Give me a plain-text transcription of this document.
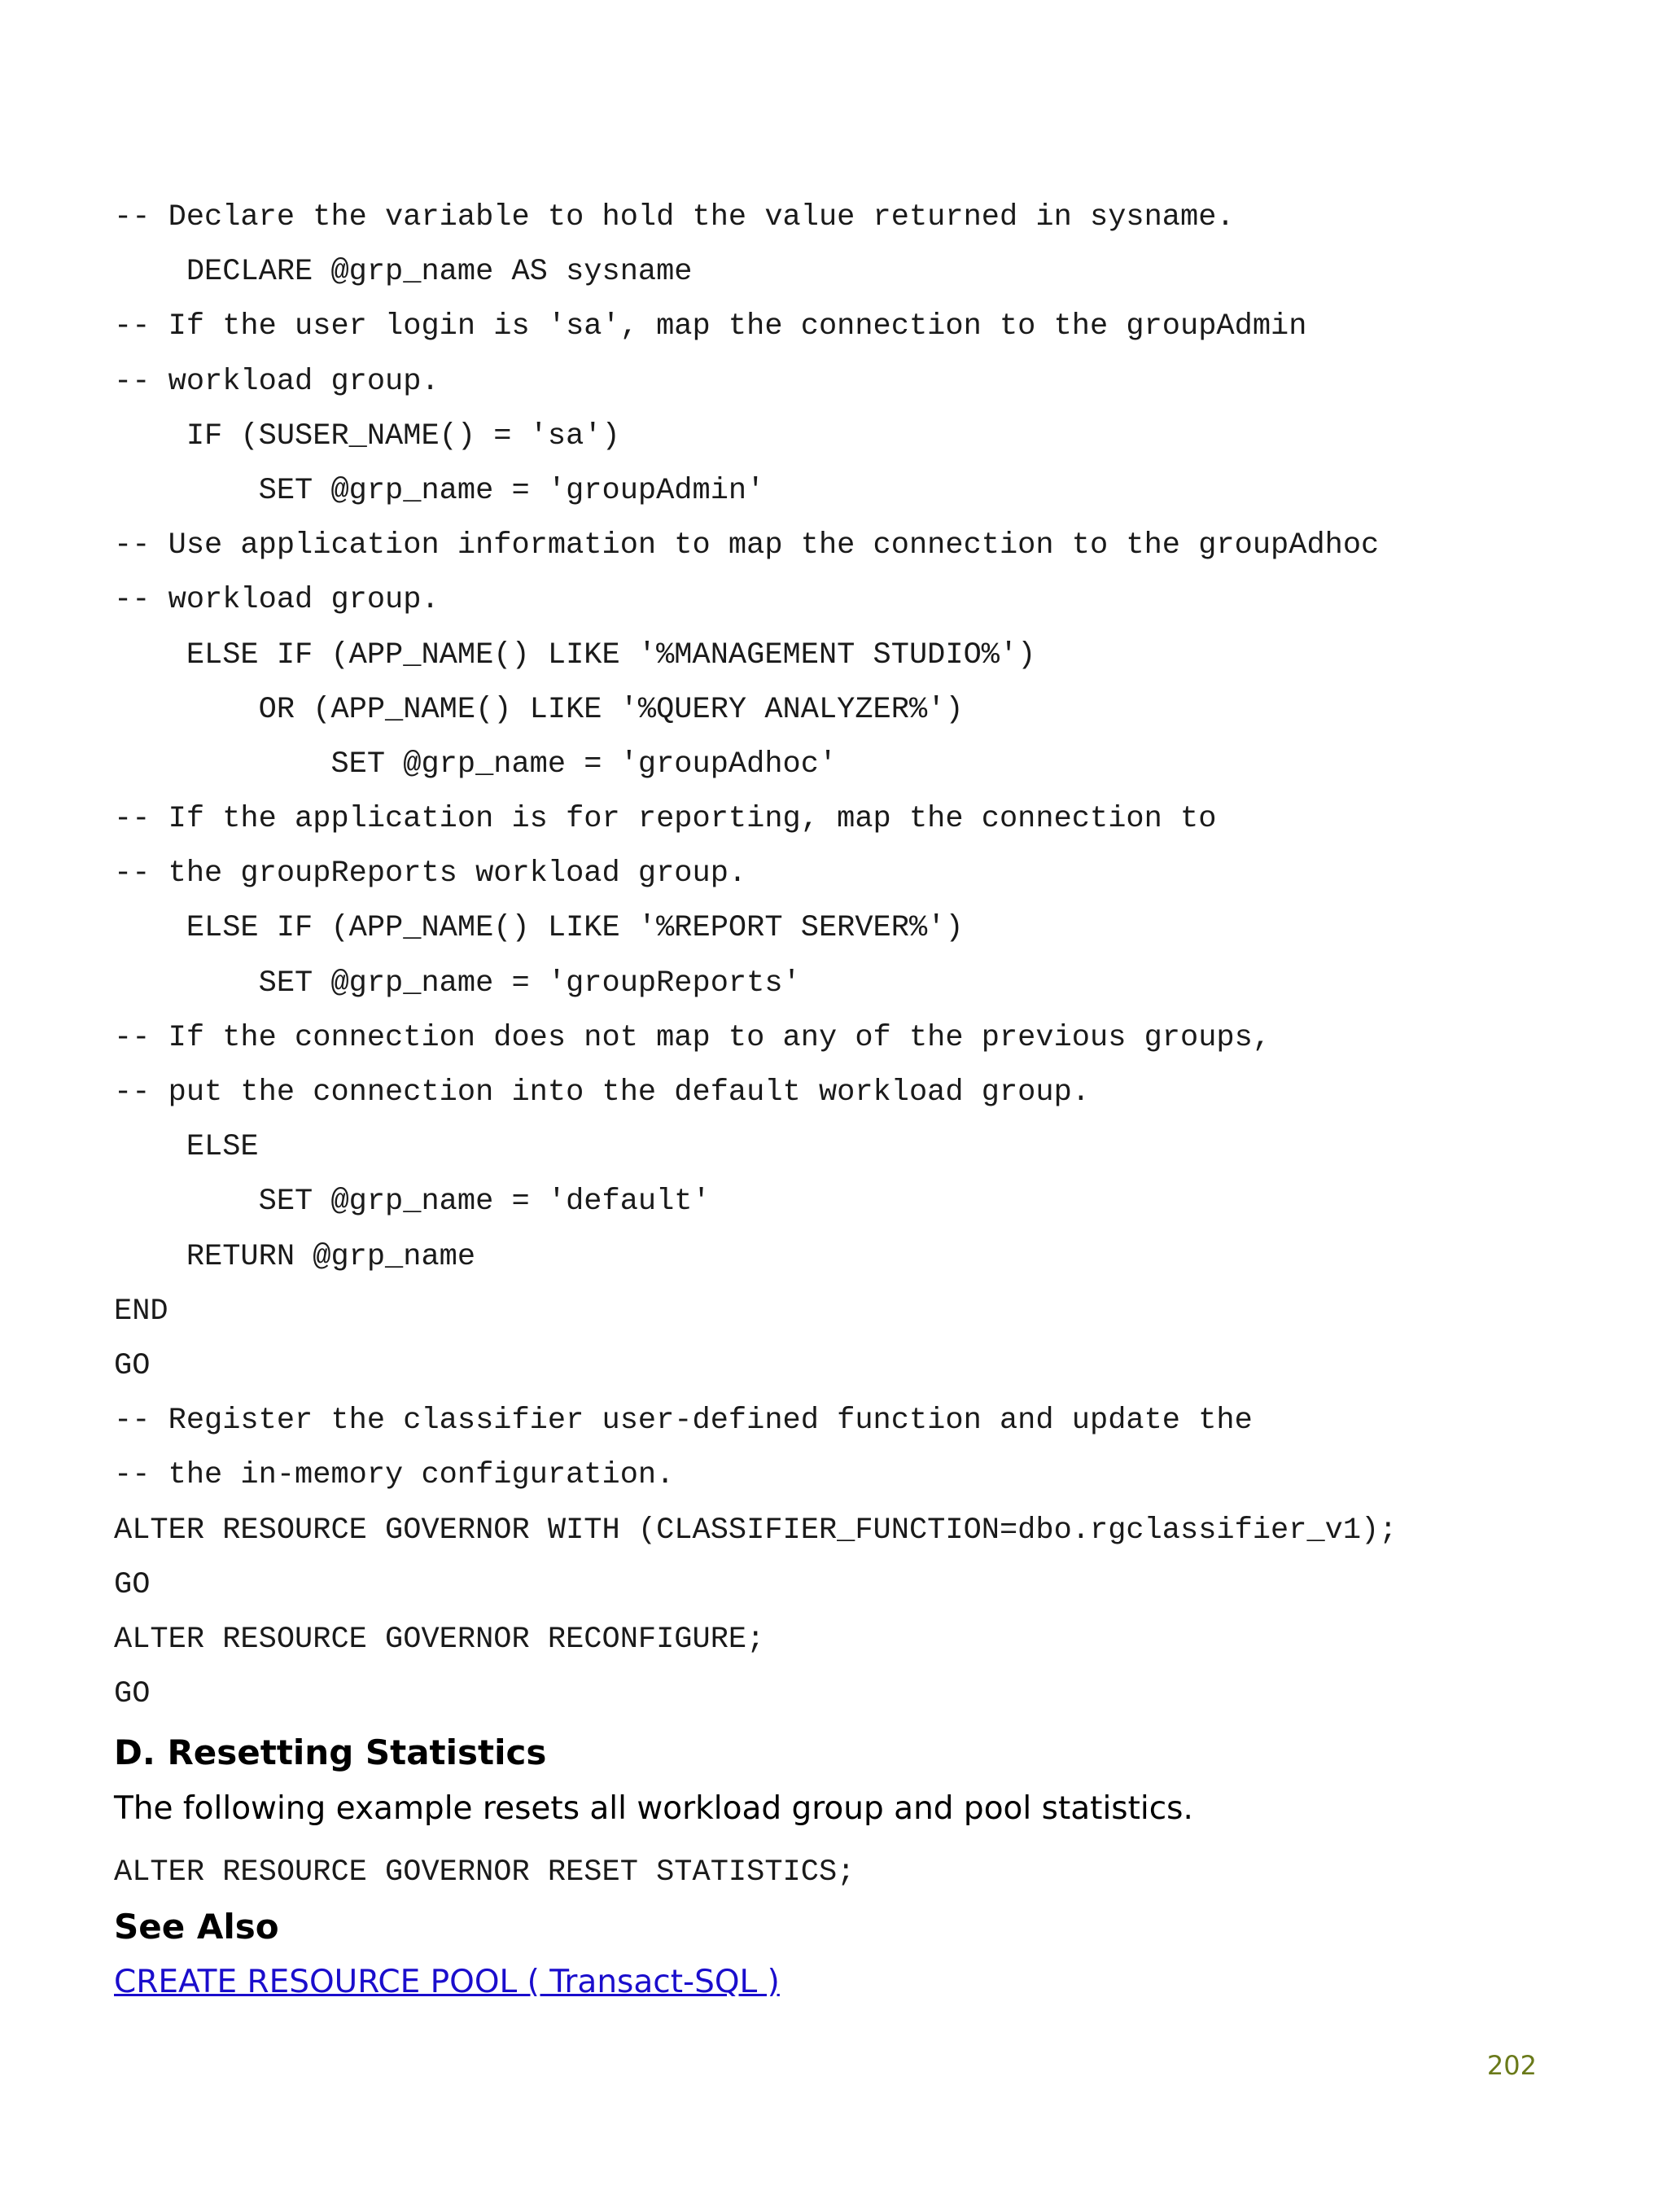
-- Declare the variable to hold the value returned in sysname.
DECLARE @grp_name AS sysname
-- If the user login is 'sa', map the connection to the groupAdmin
-- workload group.
IF (SUSER_NAME() = 'sa')
SET @grp_name = 'groupAdmin'
-- Use application information to map the connection to the groupAdhoc
-- workload group.
ELSE IF (APP_NAME() LIKE '%MANAGEMENT STUDIO%')
OR (APP_NAME() LIKE '%QUERY ANALYZER%')
SET @grp_name = 'groupAdhoc'
-- If the application is for reporting, map the connection to
-- the groupReports workload group.
ELSE IF (APP_NAME() LIKE '%REPORT SERVER%')
SET @grp_name = 'groupReports'
-- If the connection does not map to any of the previous groups,
-- put the connection into the default workload group.
ELSE
SET @grp_name = 'default'
RETURN @grp_name
END
GO
-- Register the classifier user-defined function and update the
-- the in-memory configuration.
ALTER RESOURCE GOVERNOR WITH (CLASSIFIER_FUNCTION=dbo.rgclassifier_v1);
GO
ALTER RESOURCE GOVERNOR RECONFIGURE;
GO
D. Resetting Statistics

The following example resets all workload group and pool statistics.

ALTER RESOURCE GOVERNOR RESET STATISTICS;
See Also
CREATE RESOURCE POOL ( Transact-SQL )
202
